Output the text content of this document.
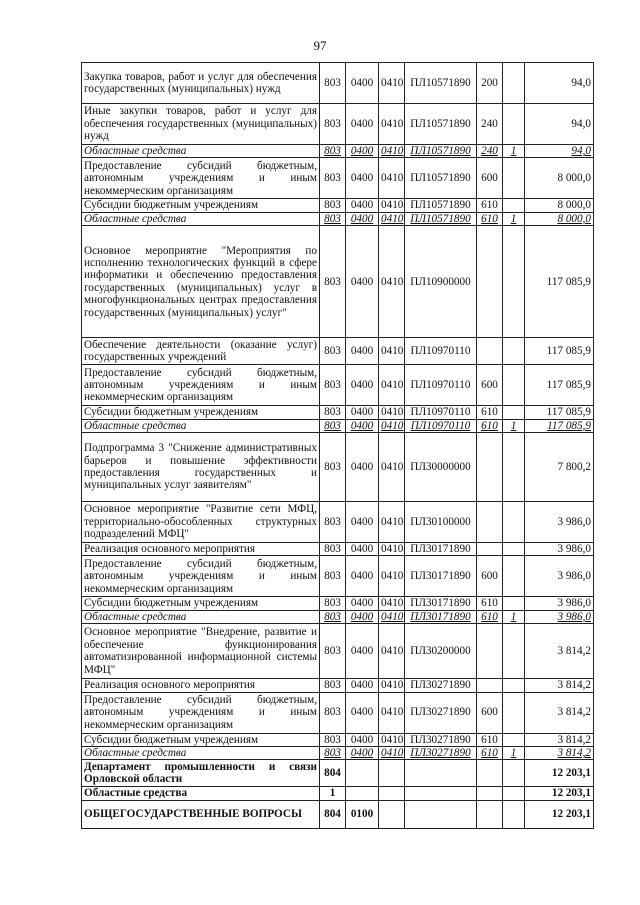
97
Закупка товаров, работ и услуг для обеспечения государственных (муниципальных) нужд	803	0400	0410	ПЛ10571890	200		94,0
Иные закупки товаров, работ и услуг для обеспечения государственных (муниципальных) нужд	803	0400	0410	ПЛ10571890	240		94,0
Областные средства	803	0400	0410	ПЛ10571890	240	1	94,0
Предоставление субсидий бюджетным, автономным учреждениям и иным некоммерческим организациям	803	0400	0410	ПЛ10571890	600		8 000,0
Субсидии бюджетным учреждениям	803	0400	0410	ПЛ10571890	610		8 000,0
Областные средства	803	0400	0410	ПЛ10571890	610	1	8 000,0
Основное мероприятие "Мероприятия по исполнению технологических функций в сфере информатики и обеспечению предоставления государственных (муниципальных) услуг в многофункциональных центрах предоставления государственных (муниципальных) услуг"	803	0400	0410	ПЛ10900000			117 085,9
Обеспечение деятельности (оказание услуг) государственных учреждений	803	0400	0410	ПЛ10970110			117 085,9
Предоставление субсидий бюджетным, автономным учреждениям и иным некоммерческим организациям	803	0400	0410	ПЛ10970110	600		117 085,9
Субсидии бюджетным учреждениям	803	0400	0410	ПЛ10970110	610		117 085,9
Областные средства	803	0400	0410	ПЛ10970110	610	1	117 085,9
Подпрограмма 3 "Снижение административных барьеров и повышение эффективности предоставления государственных и муниципальных услуг заявителям"	803	0400	0410	ПЛ30000000			7 800,2
Основное мероприятие "Развитие сети МФЦ, территориально-обособленных структурных подразделений МФЦ"	803	0400	0410	ПЛ30100000			3 986,0
Реализация основного мероприятия	803	0400	0410	ПЛ30171890			3 986,0
Предоставление субсидий бюджетным, автономным учреждениям и иным некоммерческим организациям	803	0400	0410	ПЛ30171890	600		3 986,0
Субсидии бюджетным учреждениям	803	0400	0410	ПЛ30171890	610		3 986,0
Областные средства	803	0400	0410	ПЛ30171890	610	1	3 986,0
Основное мероприятие "Внедрение, развитие и обеспечение функционирования автоматизированной информационной системы МФЦ"	803	0400	0410	ПЛ30200000			3 814,2
Реализация основного мероприятия	803	0400	0410	ПЛ30271890			3 814,2
Предоставление субсидий бюджетным, автономным учреждениям и иным некоммерческим организациям	803	0400	0410	ПЛ30271890	600		3 814,2
Субсидии бюджетным учреждениям	803	0400	0410	ПЛ30271890	610		3 814,2
Областные средства	803	0400	0410	ПЛ30271890	610	1	3 814,2
Департамент промышленности и связи Орловской области	804						12 203,1
Областные средства	1						12 203,1
ОБЩЕГОСУДАРСТВЕННЫЕ ВОПРОСЫ	804	0100					12 203,1
